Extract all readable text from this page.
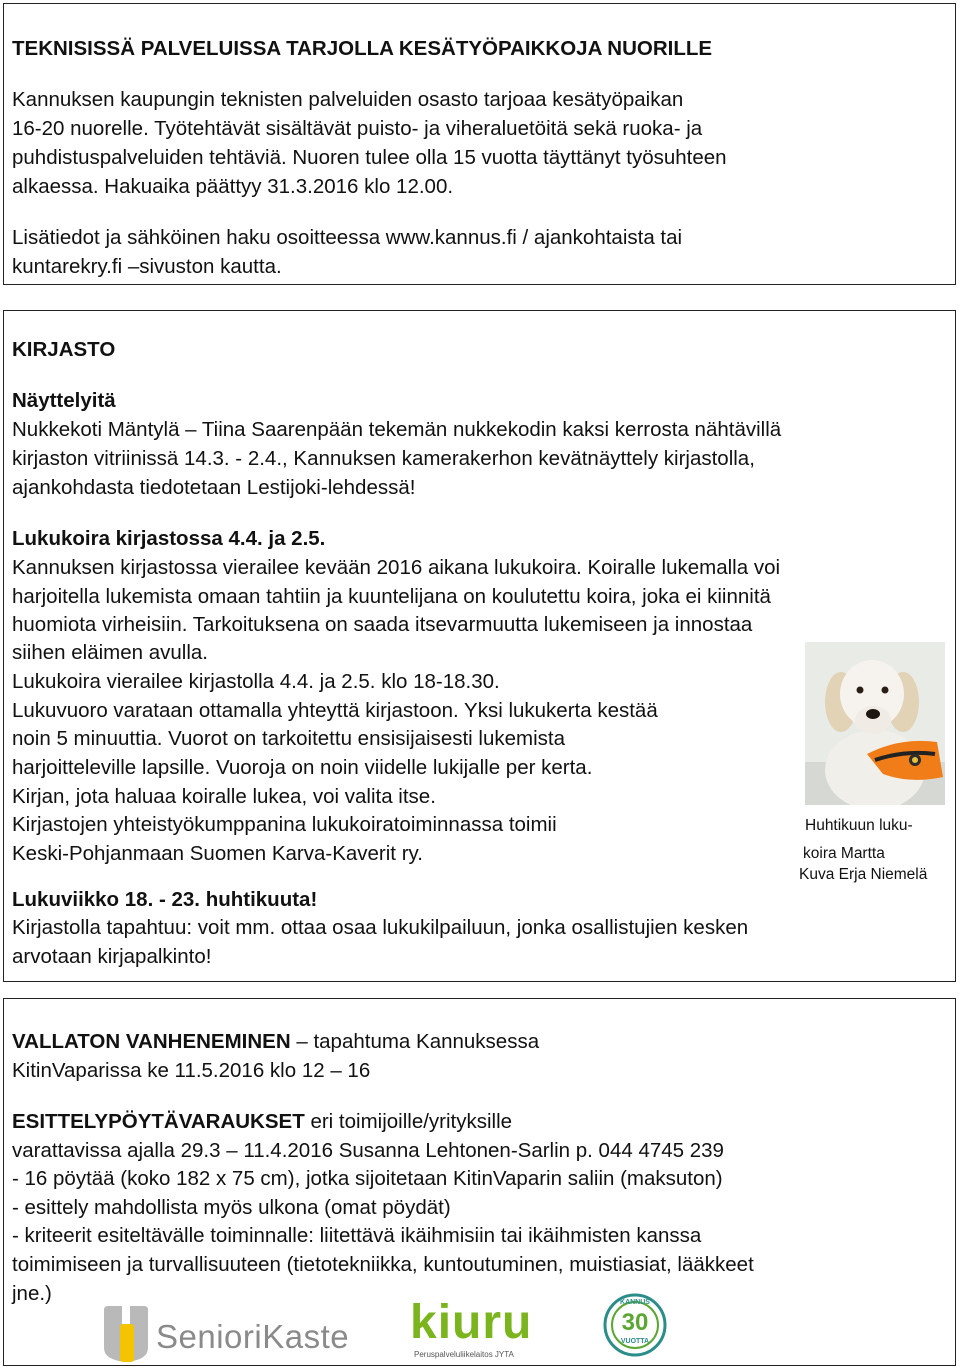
TEKNISISSÄ PALVELUISSA TARJOLLA KESÄTYÖPAIKKOJA NUORILLE
Kannuksen kaupungin teknisten palveluiden osasto tarjoaa kesätyöpaikan
16-20 nuorelle. Työtehtävät sisältävät puisto- ja viheraluetöitä sekä ruoka- ja
puhdistuspalveluiden tehtäviä. Nuoren tulee olla 15 vuotta täyttänyt työsuhteen
alkaessa. Hakuaika päättyy 31.3.2016 klo 12.00.
Lisätiedot ja sähköinen haku osoitteessa www.kannus.fi / ajankohtaista tai
kuntarekry.fi –sivuston kautta.
KIRJASTO
Näyttelyitä
Nukkekoti Mäntylä – Tiina Saarenpään tekemän nukkekodin kaksi kerrosta nähtävillä
kirjaston vitriinissä 14.3. - 2.4., Kannuksen kamerakerhon kevätnäyttely kirjastolla,
ajankohdasta tiedotetaan Lestijoki-lehdessä!
Lukukoira kirjastossa 4.4. ja 2.5.
Kannuksen kirjastossa vierailee kevään 2016 aikana lukukoira. Koiralle lukemalla voi
harjoitella lukemista omaan tahtiin ja kuuntelijana on koulutettu koira, joka ei kiinnitä
huomiota virheisiin. Tarkoituksena on saada itsevarmuutta lukemiseen ja innostaa
siihen eläimen avulla.
Lukukoira vierailee kirjastolla 4.4. ja 2.5. klo 18-18.30.
Lukuvuoro varataan ottamalla yhteyttä kirjastoon. Yksi lukukerta kestää
noin 5 minuuttia. Vuorot on tarkoitettu ensisijaisesti lukemista
harjoitteleville lapsille. Vuoroja on noin viidelle lukijalle per kerta.
Kirjan, jota haluaa koiralle lukea, voi valita itse.
Kirjastojen yhteistyökumppanina lukukoiratoiminnassa toimii
Keski-Pohjanmaan Suomen Karva-Kaverit ry.
Huhtikuun luku-
koira Martta
Kuva Erja Niemelä
Lukuviikko 18. - 23. huhtikuuta!
Kirjastolla tapahtuu: voit mm. ottaa osaa lukukilpailuun, jonka osallistujien kesken
arvotaan kirjapalkinto!
VALLATON VANHENEMINEN – tapahtuma Kannuksessa
KitinVaparissa ke 11.5.2016 klo 12 – 16
ESITTELYPÖYTÄVARAUKSET eri toimijoille/yrityksille
varattavissa ajalla 29.3 – 11.4.2016 Susanna Lehtonen-Sarlin p. 044 4745 239
- 16 pöytää (koko 182 x 75 cm), jotka sijoitetaan KitinVaparin saliin (maksuton)
- esittely mahdollista myös ulkona (omat pöydät)
- kriteerit esiteltävälle toiminnalle: liitettävä ikäihmisiin tai ikäihmisten kanssa
toimimiseen ja turvallisuuteen (tietotekniikka, kuntoutuminen, muistiasiat, lääkkeet
jne.)
SenioriKaste kiuru
Peruspalveluliikelaitos JYTA
KANNUS
30
VUOTTA
